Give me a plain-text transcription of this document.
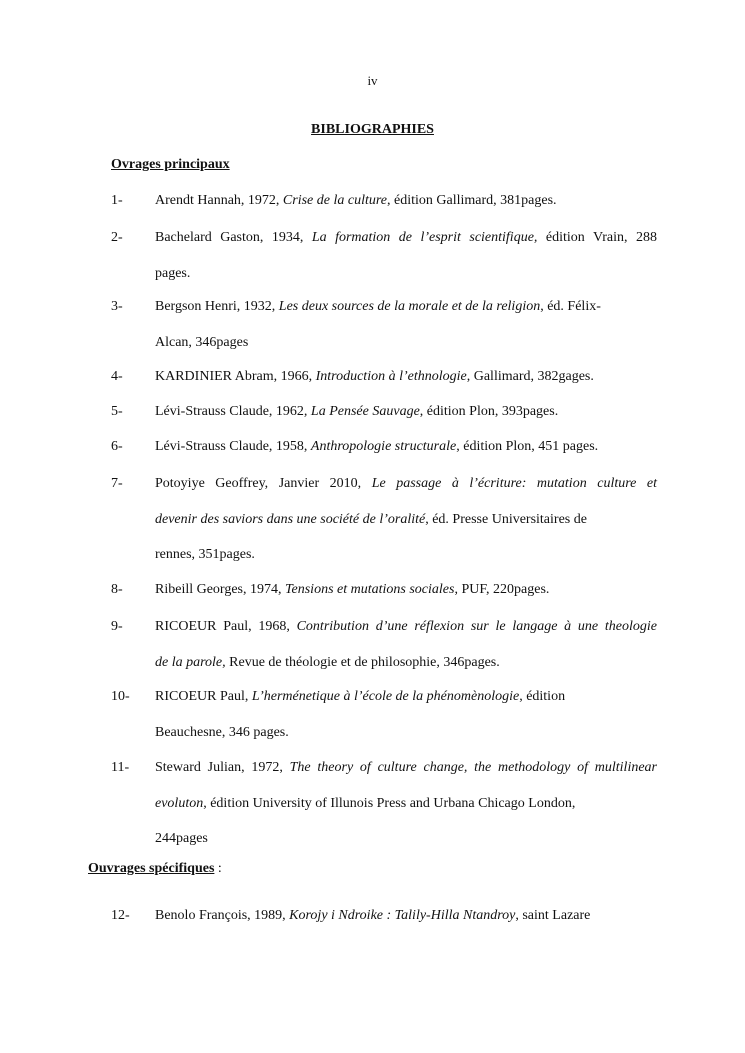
iv
BIBLIOGRAPHIES
Ovrages principaux
Ouvrages spécifiques :
1- Arendt Hannah, 1972, Crise de la culture, édition Gallimard, 381pages.
2- Bachelard Gaston, 1934, La formation de l’esprit scientifique, édition Vrain, 288
pages.
3- Bergson Henri, 1932, Les deux sources de la morale et de la religion, éd. Félix-
Alcan, 346pages
4- KARDINIER Abram, 1966, Introduction à l’ethnologie, Gallimard, 382gages.
5- Lévi-Strauss Claude, 1962, La Pensée Sauvage, édition Plon, 393pages.
6- Lévi-Strauss Claude, 1958, Anthropologie structurale, édition Plon, 451 pages.
7- Potoyiye Geoffrey, Janvier 2010, Le passage à l’écriture: mutation culture et
devenir des saviors dans une société de l’oralité, éd. Presse Universitaires de
rennes, 351pages.
8- Ribeill Georges, 1974, Tensions et mutations sociales, PUF, 220pages.
9- RICOEUR Paul, 1968, Contribution d’une réflexion sur le langage à une theologie
de la parole, Revue de théologie et de philosophie, 346pages.
10- RICOEUR Paul, L’herménetique à l’école de la phénomènologie, édition
Beauchesne, 346 pages.
11- Steward Julian, 1972, The theory of culture change, the methodology of multilinear
evoluton, édition University of Illunois Press and Urbana Chicago London,
244pages
12- Benolo François, 1989, Korojy i Ndroike : Talily-Hilla Ntandroy, saint Lazare
